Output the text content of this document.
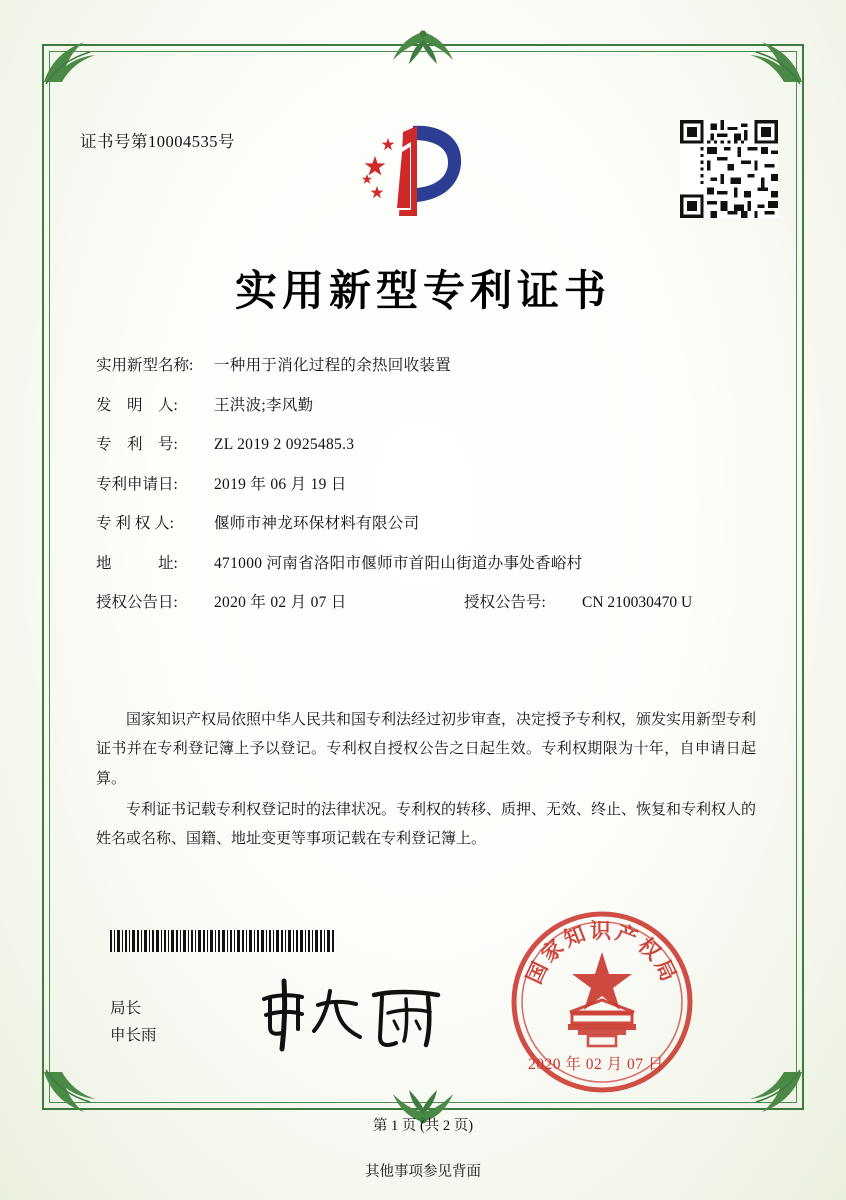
证书号第10004535号
实用新型专利证书
实用新型名称:	一种用于消化过程的余热回收装置
发　明　人:	王洪波;李风勤
专　利　号:	ZL 2019 2 0925485.3
专利申请日:	2019 年 06 月 19 日
专 利 权 人:	偃师市神龙环保材料有限公司
地　　　址:	471000 河南省洛阳市偃师市首阳山街道办事处香峪村
授权公告日:	2020 年 02 月 07 日	授权公告号:	CN 210030470 U

国家知识产权局依照中华人民共和国专利法经过初步审查，决定授予专利权，颁发实用新型专利证书并在专利登记簿上予以登记。专利权自授权公告之日起生效。专利权期限为十年，自申请日起算。

专利证书记载专利权登记时的法律状况。专利权的转移、质押、无效、终止、恢复和专利权人的姓名或名称、国籍、地址变更等事项记载在专利登记簿上。

局长
申长雨
国家知识产权局
2020 年 02 月 07 日
第 1 页 (共 2 页)
其他事项参见背面
